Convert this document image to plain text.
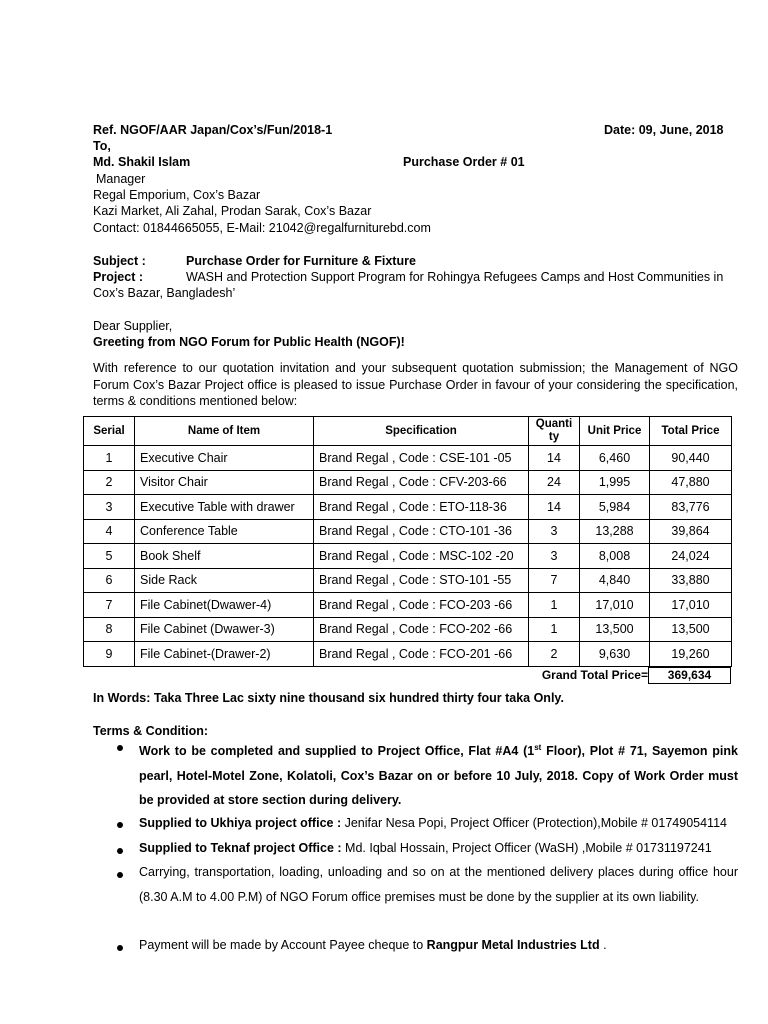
Ref. NGOF/AAR Japan/Cox’s/Fun/2018-1	Date: 09, June, 2018
To,
Md. Shakil Islam	Purchase Order # 01
Manager
Regal Emporium, Cox’s Bazar
Kazi Market, Ali Zahal, Prodan Sarak, Cox’s Bazar
Contact: 01844665055, E-Mail: 21042@regalfurniturebd.com
Subject :	Purchase Order for Furniture & Fixture
Project :	WASH and Protection Support Program for Rohingya Refugees Camps and Host Communities in
Cox’s Bazar, Bangladesh’
Dear Supplier,
Greeting from NGO Forum for Public Health (NGOF)!
With reference to our quotation invitation and your subsequent quotation submission; the Management of NGO Forum Cox’s Bazar Project office is pleased to issue Purchase Order in favour of your considering the specification, terms & conditions mentioned below:
Serial	Name of Item	Specification	Quanti
ty	Unit Price	Total Price
1	Executive Chair	Brand Regal , Code : CSE-101 -05	14	6,460	90,440
2	Visitor Chair	Brand Regal , Code : CFV-203-66	24	1,995	47,880
3	Executive Table with drawer	Brand Regal , Code : ETO-118-36	14	5,984	83,776
4	Conference Table	Brand Regal , Code : CTO-101 -36	3	13,288	39,864
5	Book Shelf	Brand Regal , Code : MSC-102 -20	3	8,008	24,024
6	Side Rack	Brand Regal , Code : STO-101 -55	7	4,840	33,880
7	File Cabinet(Dwawer-4)	Brand Regal , Code : FCO-203 -66	1	17,010	17,010
8	File Cabinet (Dwawer-3)	Brand Regal , Code : FCO-202 -66	1	13,500	13,500
9	File Cabinet-(Drawer-2)	Brand Regal , Code : FCO-201 -66	2	9,630	19,260
Grand Total Price=	369,634
In Words: Taka Three Lac sixty nine thousand six hundred thirty four taka Only.
Terms & Condition:
Work to be completed and supplied to Project Office, Flat #A4 (1st Floor), Plot # 71, Sayemon pink pearl, Hotel-Motel Zone, Kolatoli, Cox’s Bazar on or before 10 July, 2018. Copy of Work Order must be provided at store section during delivery.
Supplied to Ukhiya project office : Jenifar Nesa Popi, Project Officer (Protection),Mobile # 01749054114
Supplied to Teknaf project Office : Md. Iqbal Hossain, Project Officer (WaSH) ,Mobile # 01731197241
Carrying, transportation, loading, unloading and so on at the mentioned delivery places during office hour (8.30 A.M to 4.00 P.M) of NGO Forum office premises must be done by the supplier at its own liability.
Payment will be made by Account Payee cheque to Rangpur Metal Industries Ltd .
